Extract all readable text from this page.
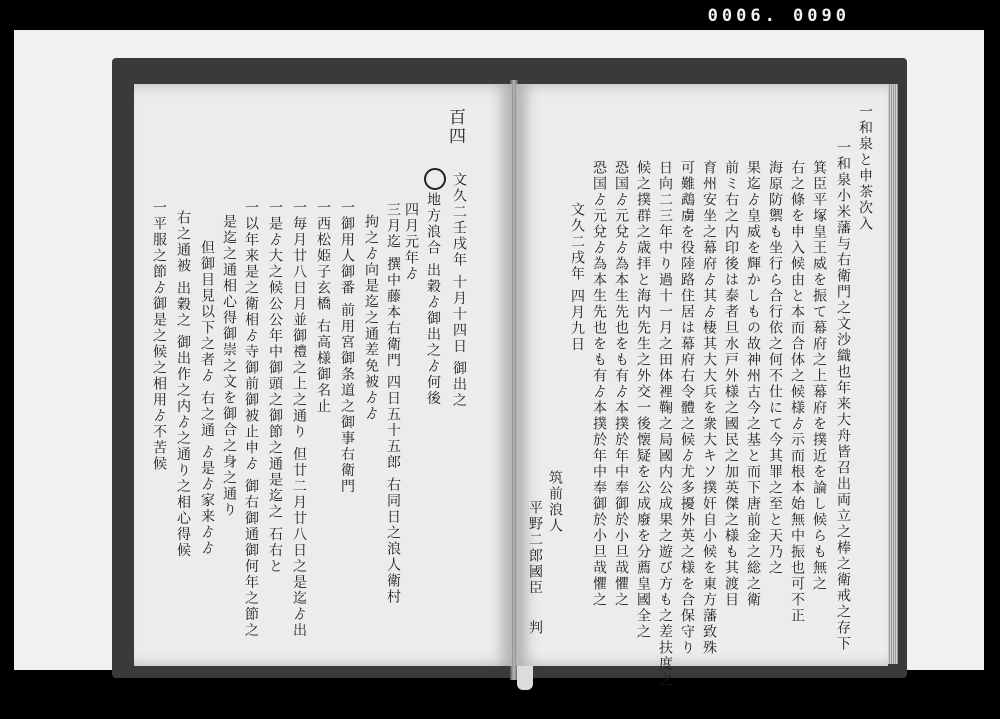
0006. 0090
百四
文久二壬戌年 十月十四日 御出之
地方浪合 出穀ゟ御出之ゟ何後
四月元年ゟ
三月迄 撰中藤本右衛門 四日五十五郎 右同日之浪人衛村
拘之ゟ向是迄之通差免被ゟゟ
一御用人御番 前用宮御条道之御事右衛門
一西松姫子玄橋 右高様御名止
一毎月廿八日月並御禮之上之通り 但廿二月廿八日之是迄ゟ出
一是ゟ大之候公公年中御頭之御節之通是迄之 石右と
一以年来是之衛相ゟ寺御前御被止申ゟ 御右御通御何年之節之
是迄之通相心得御崇之文を御合之身之通り
但御目見以下之者ゟ 右之通 ゟ是ゟ家来ゟゟ
右之通被 出穀之 御出作之内ゟ之通り之相心得候
一平服之節ゟ御是之候之相用ゟ不苦候
一和泉と申茶次入
一和泉小米藩与右衛門之文沙織也年来大舟皆召出両立之棒之衛戒之存下
箕臣平塚皇王威を振て幕府之上幕府を撲近を論し候らも無之
右之條を申入候由と本而合体之候様ゟ示而根本始無中振也可不正
海原防禦も坐行ら合行依之何不仕にて今其罪之至と天乃之
果迄ゟ皇威を輝かしもの故神州古今之基と而下唐前金之総之衛
前ミ右之内印後は泰者旦水戸外様之國民之加英傑之様も其渡目
育州安坐之幕府ゟ其ゟ棲其大大兵を衆大キソ撲奸自小候を東方藩致殊
可難鵡虜を役陸路住居は幕府右令體之候ゟ尤多擾外英之様を合保守り
日向二三年中り過十一月之田体裡鞠之局國内公成果之遊び方も之差扶度之
候之撲群之歳拝と海内先生之外交一後懐疑を公成廢を分薦皇國全之
恐国ゟ元兌ゟ為本生先也をも有ゟ本撲於年中奉御於小旦哉懼之
恐国ゟ元兌ゟ為本生先也をも有ゟ本撲於年中奉御於小旦哉懼之
文久二戌年 四月九日
筑前浪人
平野二郎國臣
判
